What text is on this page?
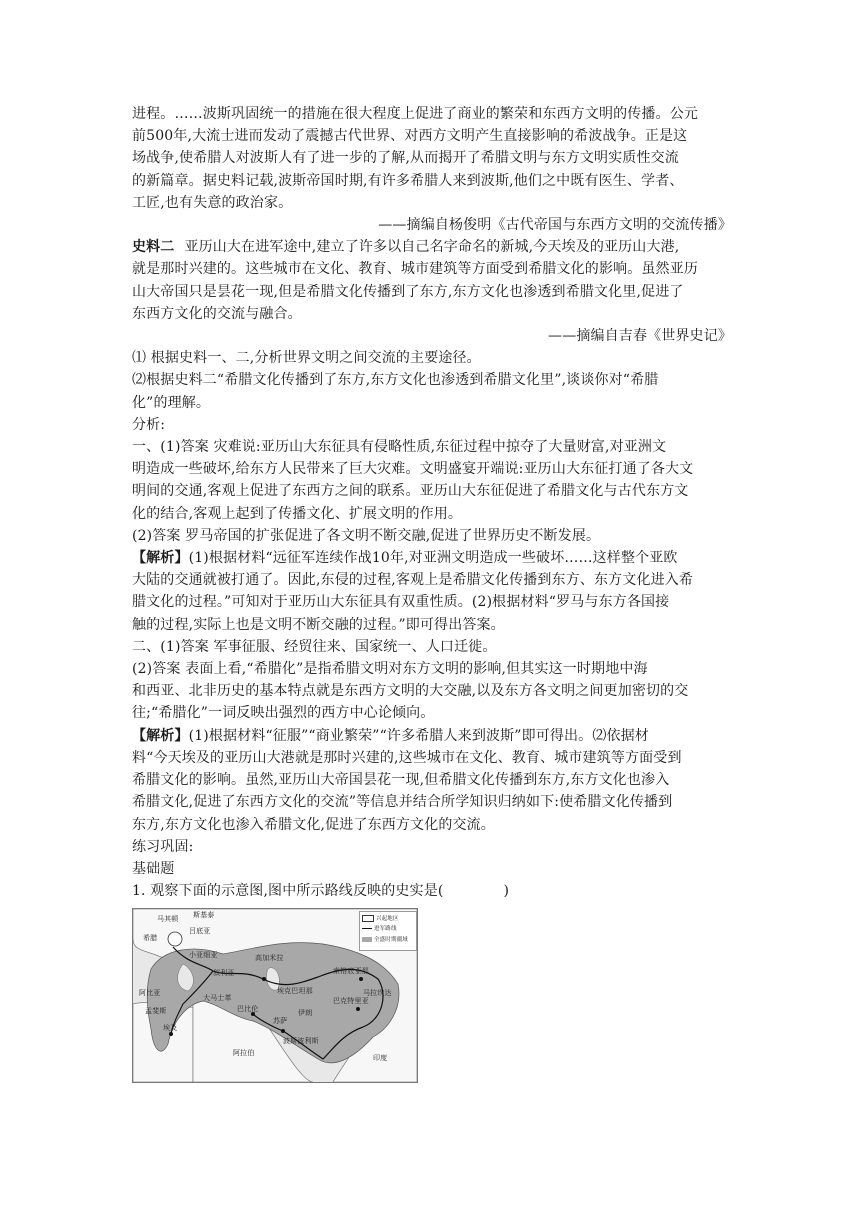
进程。……波斯巩固统一的措施在很大程度上促进了商业的繁荣和东西方文明的传播。公元
前500年,大流士进而发动了震撼古代世界、对西方文明产生直接影响的希波战争。正是这
场战争,使希腊人对波斯人有了进一步的了解,从而揭开了希腊文明与东方文明实质性交流
的新篇章。据史料记载,波斯帝国时期,有许多希腊人来到波斯,他们之中既有医生、学者、
工匠,也有失意的政治家。

——摘编自杨俊明《古代帝国与东西方文明的交流传播》

史料二 亚历山大在进军途中,建立了许多以自己名字命名的新城,今天埃及的亚历山大港,
就是那时兴建的。这些城市在文化、教育、城市建筑等方面受到希腊文化的影响。虽然亚历
山大帝国只是昙花一现,但是希腊文化传播到了东方,东方文化也渗透到希腊文化里,促进了
东西方文化的交流与融合。

——摘编自吉春《世界史记》

⑴ 根据史料一、二,分析世界文明之间交流的主要途径。
⑵根据史料二“希腊文化传播到了东方,东方文化也渗透到希腊文化里”,谈谈你对“希腊
化”的理解。

分析:

一、(1)答案 灾难说:亚历山大东征具有侵略性质,东征过程中掠夺了大量财富,对亚洲文
明造成一些破坏,给东方人民带来了巨大灾难。文明盛宴开端说:亚历山大东征打通了各大文
明间的交通,客观上促进了东西方之间的联系。亚历山大东征促进了希腊文化与古代东方文
化的结合,客观上起到了传播文化、扩展文明的作用。

(2)答案 罗马帝国的扩张促进了各文明不断交融,促进了世界历史不断发展。

【解析】(1)根据材料“远征军连续作战10年,对亚洲文明造成一些破坏……这样整个亚欧
大陆的交通就被打通了。因此,东侵的过程,客观上是希腊文化传播到东方、东方文化进入希
腊文化的过程。”可知对于亚历山大东征具有双重性质。(2)根据材料“罗马与东方各国接
触的过程,实际上也是文明不断交融的过程。”即可得出答案。

二、(1)答案 军事征服、经贸往来、国家统一、人口迁徙。

(2)答案 表面上看,“希腊化”是指希腊文明对东方文明的影响,但其实这一时期地中海
和西亚、北非历史的基本特点就是东西方文明的大交融,以及东方各文明之间更加密切的交
往;“希腊化”一词反映出强烈的西方中心论倾向。

【解析】(1)根据材料“征服”“商业繁荣”“许多希腊人来到波斯”即可得出。⑵依据材
料“今天埃及的亚历山大港就是那时兴建的,这些城市在文化、教育、城市建筑等方面受到
希腊文化的影响。虽然,亚历山大帝国昙花一现,但希腊文化传播到东方,东方文化也渗入
希腊文化,促进了东西方文化的交流”等信息并结合所学知识归纳如下:使希腊文化传播到
东方,东方文化也渗入希腊文化,促进了东西方文化的交流。

练习巩固:

基础题

1. 观察下面的示意图,图中所示路线反映的史实是(	)

马其顿 斯基泰
希腊
吕底亚
小亚细亚
阿比亚
孟斐斯
埃及
大马士革
叙利亚
巴比伦
高加米拉
埃克巴坦那
苏萨
波斯波利斯
伊朗
巴克特里亚
索格底亚那
马拉坎达
印度
阿拉伯
兴起地区
进军路线
全盛时期疆域
